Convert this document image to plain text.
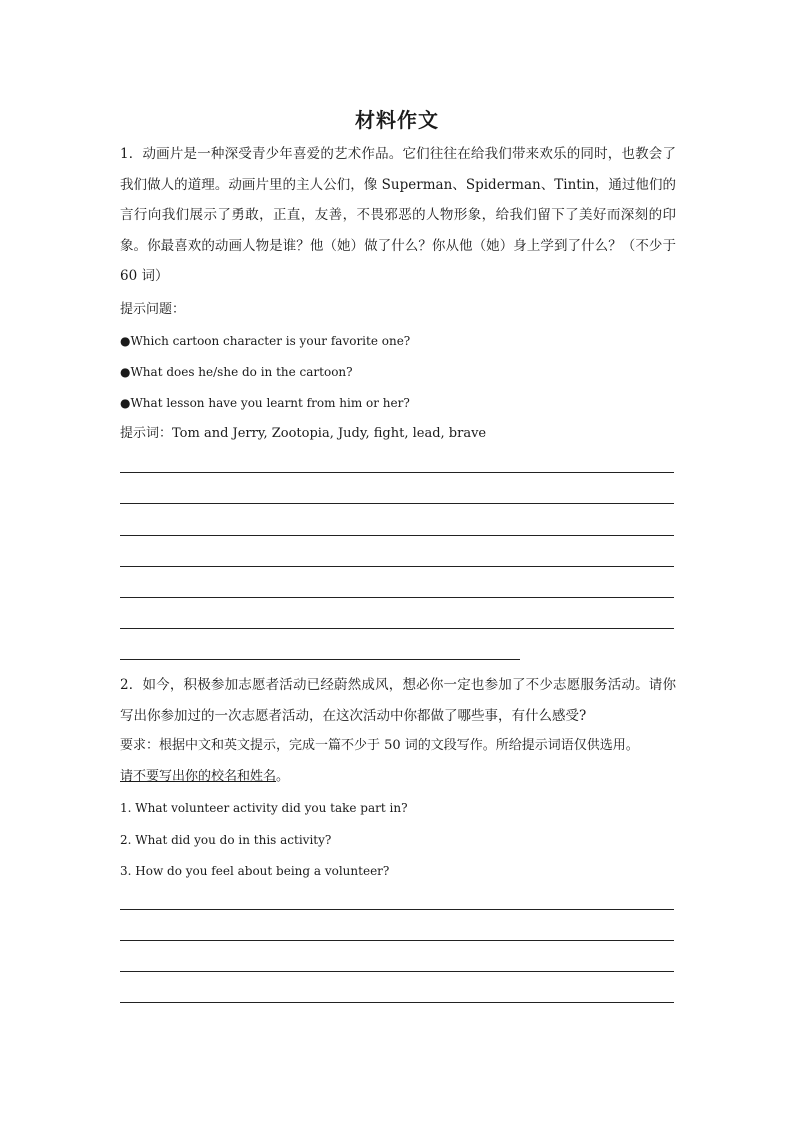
材料作文
1．动画片是一种深受青少年喜爱的艺术作品。它们往往在给我们带来欢乐的同时，也教会了我们做人的道理。动画片里的主人公们，像 Superman、Spiderman、Tintin，通过他们的言行向我们展示了勇敢，正直，友善，不畏邪恶的人物形象，给我们留下了美好而深刻的印象。你最喜欢的动画人物是谁？他（她）做了什么？你从他（她）身上学到了什么？（不少于 60 词）
提示问题：
●Which cartoon character is your favorite one?
●What does he/she do in the cartoon?
●What lesson have you learnt from him or her?
提示词：Tom and Jerry, Zootopia, Judy, fight, lead, brave
2．如今，积极参加志愿者活动已经蔚然成风，想必你一定也参加了不少志愿服务活动。请你写出你参加过的一次志愿者活动，在这次活动中你都做了哪些事，有什么感受?
要求：根据中文和英文提示，完成一篇不少于 50 词的文段写作。所给提示词语仅供选用。
请不要写出你的校名和姓名。
1. What volunteer activity did you take part in?
2. What did you do in this activity?
3. How do you feel about being a volunteer?
